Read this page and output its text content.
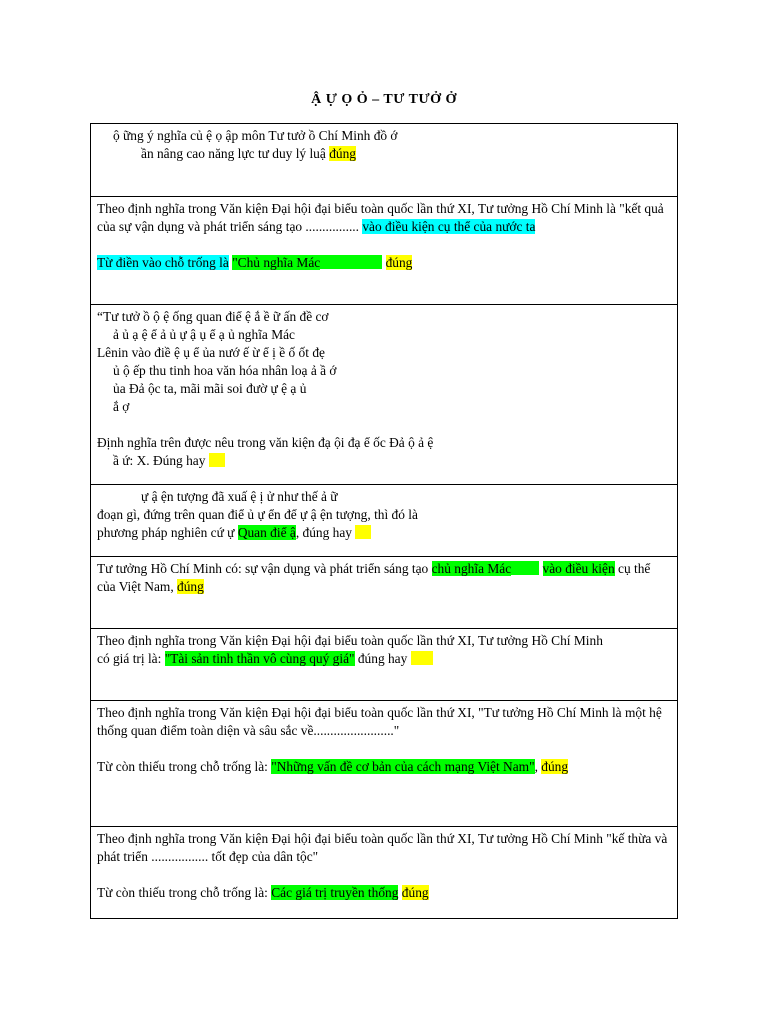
Ậ Ự Ọ Ỏ – TƯ TƯỞ Ở

ộ ững ý nghĩa củ ệ ọ ập môn Tư tưở ồ Chí Minh đồ ớ

ần nâng cao năng lực tư duy lý luậ đúng

Theo định nghĩa trong Văn kiện Đại hội đại biểu toàn quốc lần thứ XI, Tư tưởng Hồ Chí Minh là "kết quả của sự vận dụng và phát triển sáng tạo ................ vào điều kiện cụ thể của nước ta

Từ điền vào chỗ trống là "Chủ nghĩa Mác	đúng

“Tư tưở ồ ộ ệ ống quan điể ệ ắ ề ữ ấn đề cơ

ả ủ ạ ệ ể ả ủ ự ậ ụ ể ạ ủ nghĩa Mác

Lênin vào điề ệ ụ ể ủa nướ ế ừ ể ị ề ố ốt đẹ

ủ ộ ếp thu tinh hoa văn hóa nhân loạ ả ầ ớ

ủa Đả ộc ta, mãi mãi soi đườ ự ệ ạ ủ

ắ ợ

Định nghĩa trên được nêu trong văn kiện đạ ội đạ ể ốc Đả ộ ả ệ

ầ ứ: X. Đúng hay

ự ậ ện tượng đã xuấ ệ ị ử như thế ả ữ

đoạn gì, đứng trên quan điể ủ ự ển để ự ậ ện tượng, thì đó là

phương pháp nghiên cứ ự Quan điể ậ, đúng hay

Tư tưởng Hồ Chí Minh có: sự vận dụng và phát triển sáng tạo chủ nghĩa Mác vào điều kiện cụ thể của Việt Nam, đúng

Theo định nghĩa trong Văn kiện Đại hội đại biểu toàn quốc lần thứ XI, Tư tưởng Hồ Chí Minh

có giá trị là: "Tài sản tinh thần vô cùng quý giá" đúng hay

Theo định nghĩa trong Văn kiện Đại hội đại biểu toàn quốc lần thứ XI, "Tư tưởng Hồ Chí Minh là một hệ thống quan điểm toàn diện và sâu sắc về........................"

Từ còn thiếu trong chỗ trống là: "Những vấn đề cơ bản của cách mạng Việt Nam", đúng

Theo định nghĩa trong Văn kiện Đại hội đại biểu toàn quốc lần thứ XI, Tư tưởng Hồ Chí Minh "kế thừa và phát triển ................. tốt đẹp của dân tộc"

Từ còn thiếu trong chỗ trống là: Các giá trị truyền thống đúng
